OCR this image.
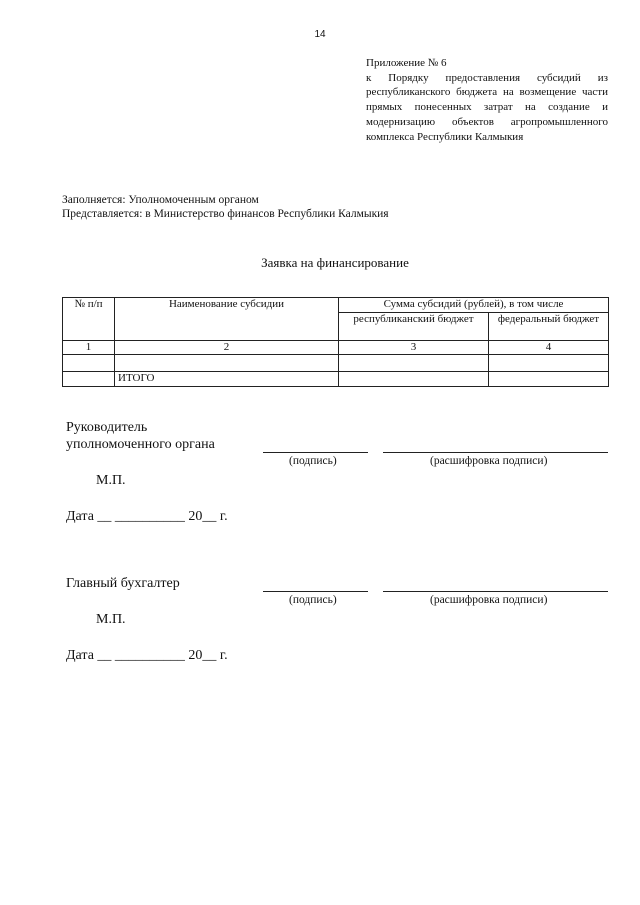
14
Приложение № 6
к Порядку предоставления субсидий из республиканского бюджета на возмещение части прямых понесенных затрат на создание и модернизацию объектов агропромышленного комплекса Республики Калмыкия
Заполняется: Уполномоченным органом
Представляется: в Министерство финансов Республики Калмыкия
Заявка на финансирование
№ п/п	Наименование субсидии	Сумма субсидий (рублей), в том числе	
		республиканский бюджет	федеральный бюджет
1	2	3	4

	ИТОГО		
Руководитель
уполномоченного органа
(подпись)	(расшифровка подписи)
М.П.
Дата __ __________ 20__ г.
Главный бухгалтер
(подпись)	(расшифровка подписи)
М.П.
Дата __ __________ 20__ г.
